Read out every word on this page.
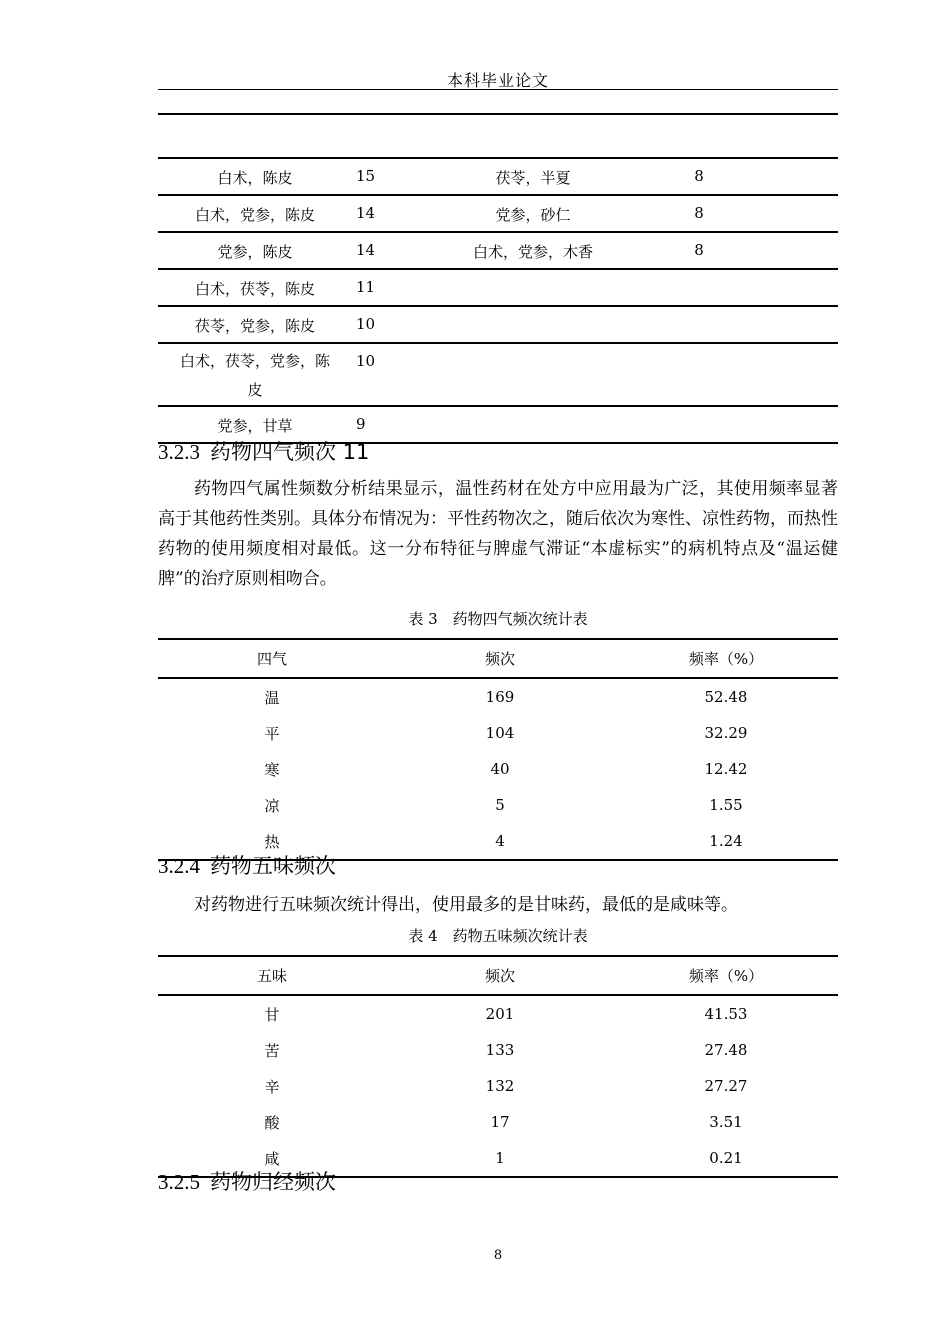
本科毕业论文

白术，陈皮	15	茯苓，半夏	8
白术，党参，陈皮	14	党参，砂仁	8
党参，陈皮	14	白术，党参，木香	8
白术，茯苓，陈皮	11		
茯苓，党参，陈皮	10		
白术，茯苓，党参，陈
皮	10		
党参，甘草	9		
3.2.3 药物四气频次 11
药物四气属性频数分析结果显示，温性药材在处方中应用最为广泛，其使用频率显著高于其他药性类别。具体分布情况为：平性药物次之，随后依次为寒性、凉性药物，而热性药物的使用频度相对最低。这一分布特征与脾虚气滞证“本虚标实”的病机特点及“温运健脾”的治疗原则相吻合。
表 3　药物四气频次统计表
四气	频次	频率（%）
温	169	52.48
平	104	32.29
寒	40	12.42
凉	5	1.55
热	4	1.24
3.2.4 药物五味频次
对药物进行五味频次统计得出，使用最多的是甘味药，最低的是咸味等。
表 4　药物五味频次统计表
五味	频次	频率（%）
甘	201	41.53
苦	133	27.48
辛	132	27.27
酸	17	3.51
咸	1	0.21
3.2.5 药物归经频次
8
